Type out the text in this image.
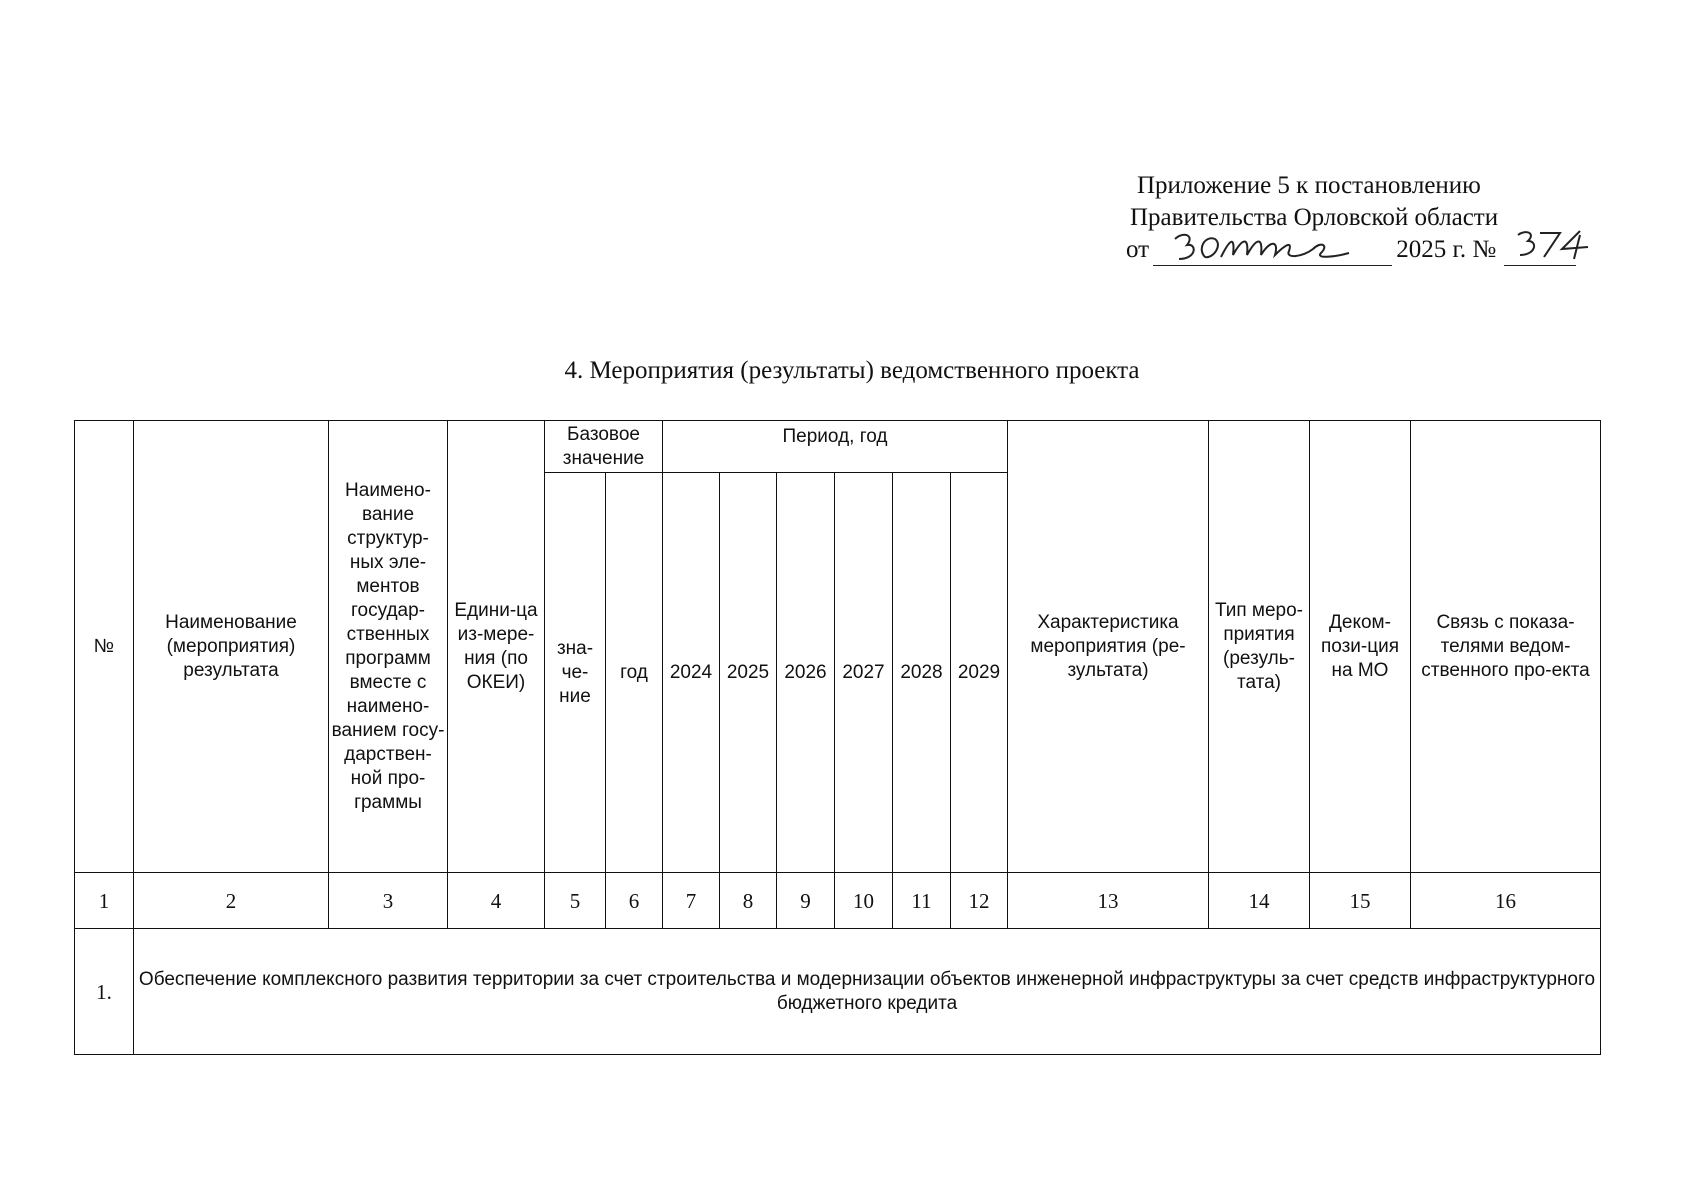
Приложение 5 к постановлению
Правительства Орловской области
от	2025 г. №
4. Мероприятия (результаты) ведомственного проекта
№	Наименование (мероприятия) результата	Наимено-вание структур-ных эле-ментов государ-ственных программ вместе с наимено-ванием госу-дарствен-ной про-граммы	Едини-ца из-мере-ния (по ОКЕИ)	Базовое значение		Период, год						Характеристика мероприятия (ре-зультата)	Тип меро-приятия (резуль-тата)	Деком-пози-ция на МО	Связь с показа-телями ведом-ственного про-екта
				зна-че-ние	год	2024	2025	2026	2027	2028	2029				
1	2	3	4	5	6	7	8	9	10	11	12	13	14	15	16
1.	Обеспечение комплексного развития территории за счет строительства и модернизации объектов инженерной инфраструктуры за счет средств инфраструктурного бюджетного кредита														
